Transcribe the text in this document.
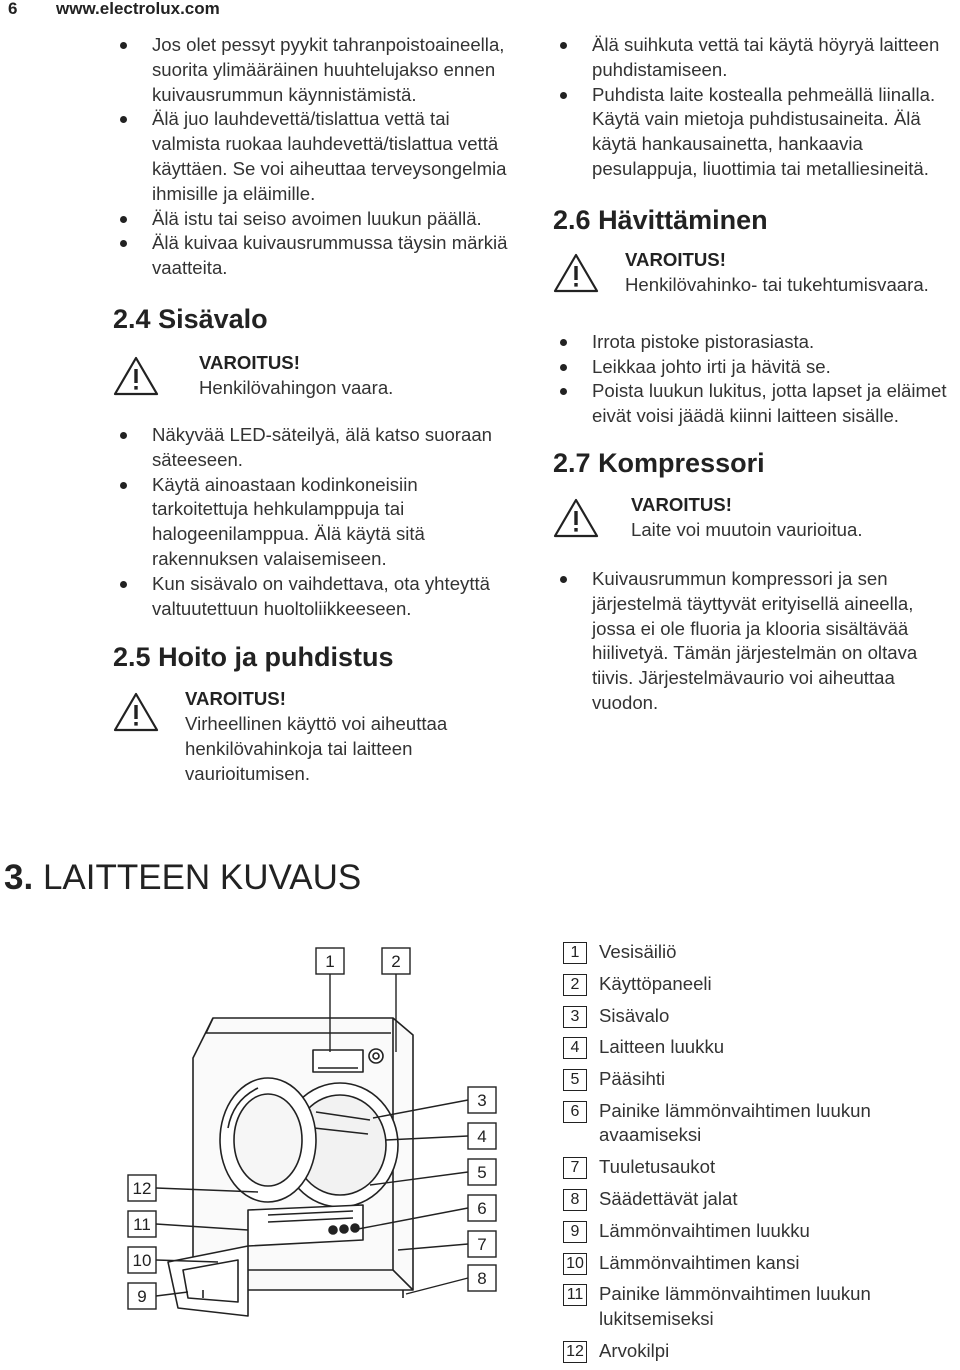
6 www.electrolux.com
Jos olet pessyt pyykit tahranpoistoaineella, suorita ylimääräinen huuhtelujakso ennen kuivausrummun käynnistämistä.
Älä juo lauhdevettä/tislattua vettä tai valmista ruokaa lauhdevettä/tislattua vettä käyttäen. Se voi aiheuttaa terveysongelmia ihmisille ja eläimille.
Älä istu tai seiso avoimen luukun päällä.
Älä kuivaa kuivausrummussa täysin märkiä vaatteita.
2.4 Sisävalo
VAROITUS!
Henkilövahingon vaara.
Näkyvää LED-säteilyä, älä katso suoraan säteeseen.
Käytä ainoastaan kodinkoneisiin tarkoitettuja hehkulamppuja tai halogeenilamppua. Älä käytä sitä rakennuksen valaisemiseen.
Kun sisävalo on vaihdettava, ota yhteyttä valtuutettuun huoltoliikkeeseen.
2.5 Hoito ja puhdistus
VAROITUS!
Virheellinen käyttö voi aiheuttaa henkilövahinkoja tai laitteen vaurioitumisen.
Älä suihkuta vettä tai käytä höyryä laitteen puhdistamiseen.
Puhdista laite kostealla pehmeällä liinalla. Käytä vain mietoja puhdistusaineita. Älä käytä hankausainetta, hankaavia pesulappuja, liuottimia tai metalliesineitä.
2.6 Hävittäminen
VAROITUS!
Henkilövahinko- tai tukehtumisvaara.
Irrota pistoke pistorasiasta.
Leikkaa johto irti ja hävitä se.
Poista luukun lukitus, jotta lapset ja eläimet eivät voisi jäädä kiinni laitteen sisälle.
2.7 Kompressori
VAROITUS!
Laite voi muutoin vaurioitua.
Kuivausrummun kompressori ja sen järjestelmä täyttyvät erityisellä aineella, jossa ei ole fluoria ja klooria sisältävää hiilivetyä. Tämän järjestelmän on oltava tiivis. Järjestelmävaurio voi aiheuttaa vuodon.
3. LAITTEEN KUVAUS
1	2
3
4
5
6
7
8
9
10
11
12
1	Vesisäiliö
2	Käyttöpaneeli
3	Sisävalo
4	Laitteen luukku
5	Pääsihti
6	Painike lämmönvaihtimen luukun avaamiseksi
7	Tuuletusaukot
8	Säädettävät jalat
9	Lämmönvaihtimen luukku
10 Lämmönvaihtimen kansi
11 Painike lämmönvaihtimen luukun lukitsemiseksi
12 Arvokilpi
